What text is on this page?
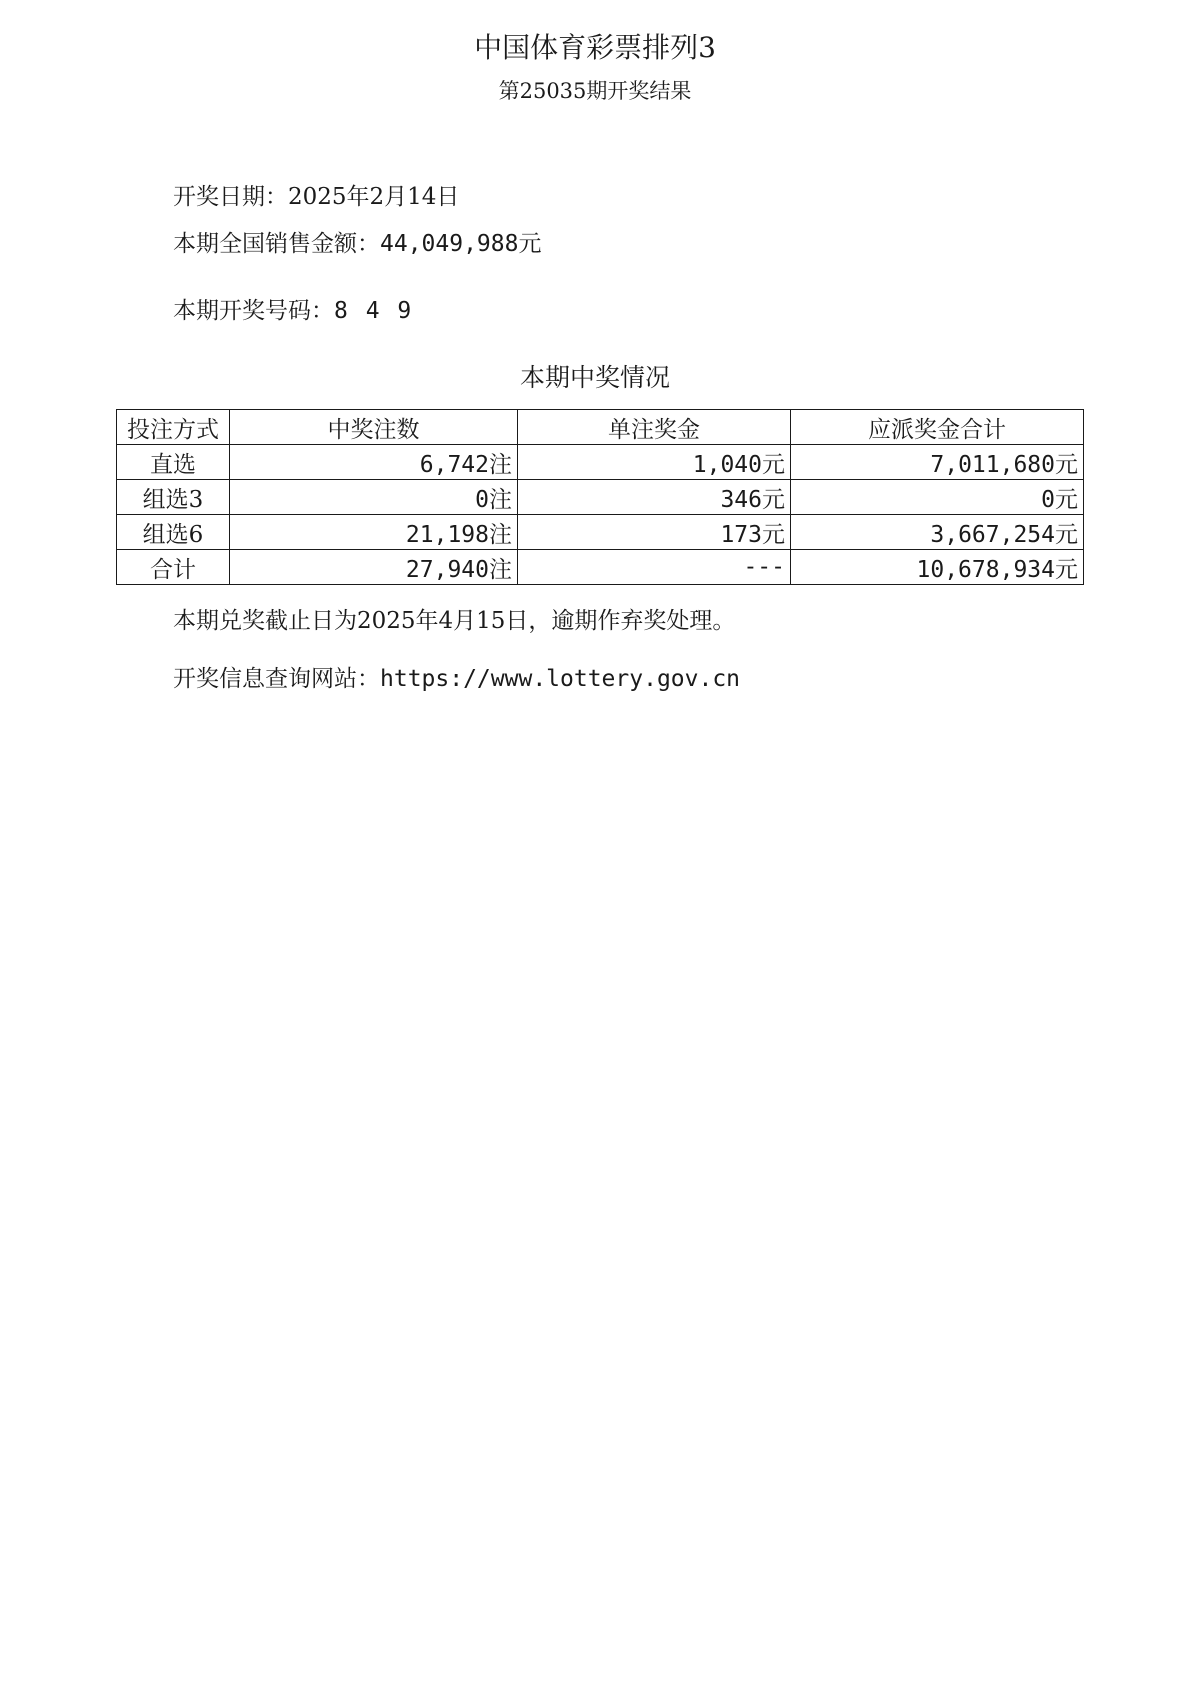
中国体育彩票排列3
第25035期开奖结果
开奖日期：2025年2月14日
本期全国销售金额：44,049,988元
本期开奖号码：8 4 9
本期中奖情况
投注方式	中奖注数	单注奖金	应派奖金合计
直选	6,742注	1,040元	7,011,680元
组选3	0注	346元	0元
组选6	21,198注	173元	3,667,254元
合计	27,940注	---	10,678,934元
本期兑奖截止日为2025年4月15日，逾期作弃奖处理。
开奖信息查询网站：https://www.lottery.gov.cn
